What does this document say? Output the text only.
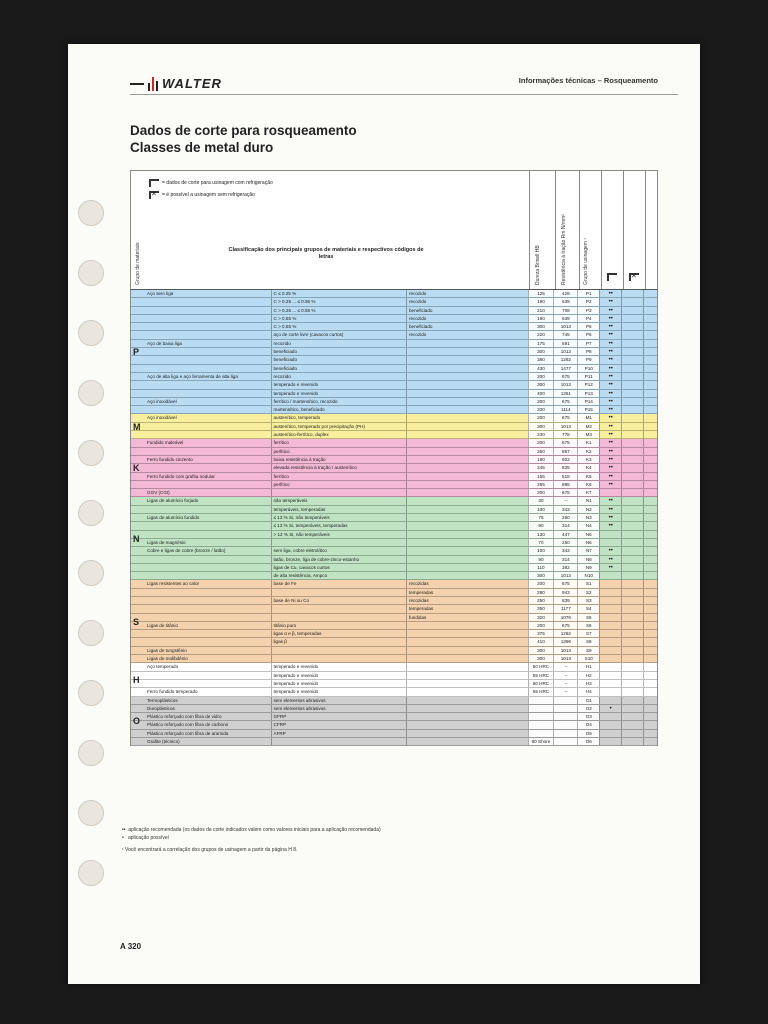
WALTER	Informações técnicas – Rosqueamento
Dados de corte para rosqueamento
Classes de metal duro
= dados de corte para usinagem com refrigeração
✕
= é possível a usinagem sem refrigeração
Grupo de materiais	Classificação dos principais grupos de materiais e respectivos códigos de letras	Dureza Brinell HB	Resistência à tração Rm N/mm²	Grupo de usinagem ¹
✕
P
Aço sem liga	C ≤ 0.25 %	recozido	125	428	P1	••
C > 0.25 ... ≤ 0.55 %	recozido	190	639	P2	••
C > 0.25 ... ≤ 0.55 %	beneficiado	210	708	P3	••
C > 0.55 %	recozido	190	639	P4	••
C > 0.55 %	beneficiado	300	1013	P5	••
aço de corte livre (cavacos curtos)	recozido	220	745	P6	••
Aço de baixa liga	recozido	175	591	P7	••
beneficiado	300	1013	P8	••
beneficiado	380	1282	P9	••
beneficiado	430	1477	P10	••
Aço de alta liga e aço ferramenta de alta liga	recozido	200	675	P11	••
temperado e revenido	300	1013	P12	••
temperado e revenido	400	1361	P13	••
Aço inoxidável	ferrítico / martensítico, recozido	200	675	P14	••
martensítico, beneficiado	330	1114	P15	••
M
Aço inoxidável	austenítico, temperado	200	675	M1	••
austenítico, temperado por precipitação (PH)	300	1013	M2	••
austenítico-ferrítico, duplex	230	778	M3	••
K
Fundido maleável	ferrítico	200	675	K1	••
perlítico	260	867	K2	••
Ferro fundido cinzento	baixa resistência à tração	180	602	K3	••
elevada resistência à tração / austenítico	245	825	K4	••
Ferro fundido com grafita nodular	ferrítico	155	518	K5	••
perlítico	265	885	K6	••
GGV (CGI)	200	675	K7
N
Ligas de alumínio forjado	não temperáveis	30	–	N1	••
temperáveis, temperadas	100	343	N2	••
Ligas de alumínio fundido	≤ 12 % Si, não temperáveis	75	260	N3	••
≤ 12 % Si, temperáveis, temperadas	90	314	N4	••
> 12 % Si, não temperáveis	130	447	N5
Ligas de magnésio	70	250	N6
Cobre e ligas de cobre (bronze / latão)	sem liga, cobre eletrolítico	100	343	N7	••
latão, bronze, liga de cobre-zinco-estanho	90	314	N8	••
ligas de Cu, cavacos curtos	110	382	N9	••
de alta resistência, Ampco	300	1013	N10
S
Ligas resistentes ao calor	base de Fe	recozidas	200	675	S1
temperadas	280	943	S2
base de Ni ou Co	recozidas	250	839	S3
temperadas	350	1177	S4
fundidas	320	1076	S5
Ligas de titânio	titânio puro	200	675	S6
ligas α e β, temperadas	375	1262	S7
ligas β	410	1396	S8
Ligas de tungstênio	300	1013	S9
Ligas de molibdênio	300	1013	S10
H
Aço temperado	temperado e revenido	50 HRC	–	H1
temperado e revenido	55 HRC	–	H2
temperado e revenido	60 HRC	–	H3
Ferro fundido temperado	temperado e revenido	55 HRC	–	H4
O
Termoplásticos	sem elementos abrasivos	O1
Duroplásticos	sem elementos abrasivos	O2	•
Plástico reforçado com fibra de vidro	GFRP	O3
Plástico reforçado com fibra de carbono	CFRP	O4
Plástico reforçado com fibra de aramida	AFRP	O5
Grafite (técnico)	80 Shore	O6
•• aplicação recomendada (os dados de corte indicados valem como valores iniciais para a aplicação recomendada)
• aplicação possível
¹ Você encontrará a correlação dos grupos de usinagem a partir da página H 8.
A 320
